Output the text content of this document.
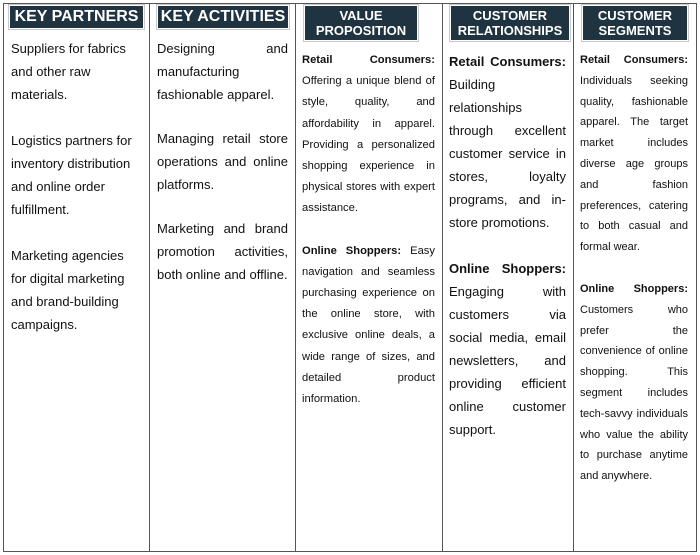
KEY PARTNERS KEY ACTIVITIES	VALUE
PROPOSITION
CUSTOMER
RELATIONSHIPS
CUSTOMER
SEGMENTS

Suppliers for fabrics and other raw materials.

Logistics partners for inventory distribution and online order fulfillment.

Marketing agencies for digital marketing and brand-building campaigns.

Designing and manufacturing fashionable apparel.

Managing retail store operations and online platforms.

Marketing and brand promotion activities, both online and offline.

Retail Consumers: Offering a unique blend of style, quality, and affordability in apparel. Providing a personalized shopping experience in physical stores with expert assistance.

Online Shoppers: Easy navigation and seamless purchasing experience on the online store, with exclusive online deals, a wide range of sizes, and detailed product information.

Retail Consumers: Building relationships through excellent customer service in stores, loyalty programs, and in-store promotions.

Online Shoppers: Engaging with customers via social media, email newsletters, and providing efficient online customer support.

Retail Consumers: Individuals seeking quality, fashionable apparel. The target market includes diverse age groups and fashion preferences, catering to both casual and formal wear.

Online Shoppers: Customers who prefer the convenience of online shopping. This segment includes tech-savvy individuals who value the ability to purchase anytime and anywhere.
